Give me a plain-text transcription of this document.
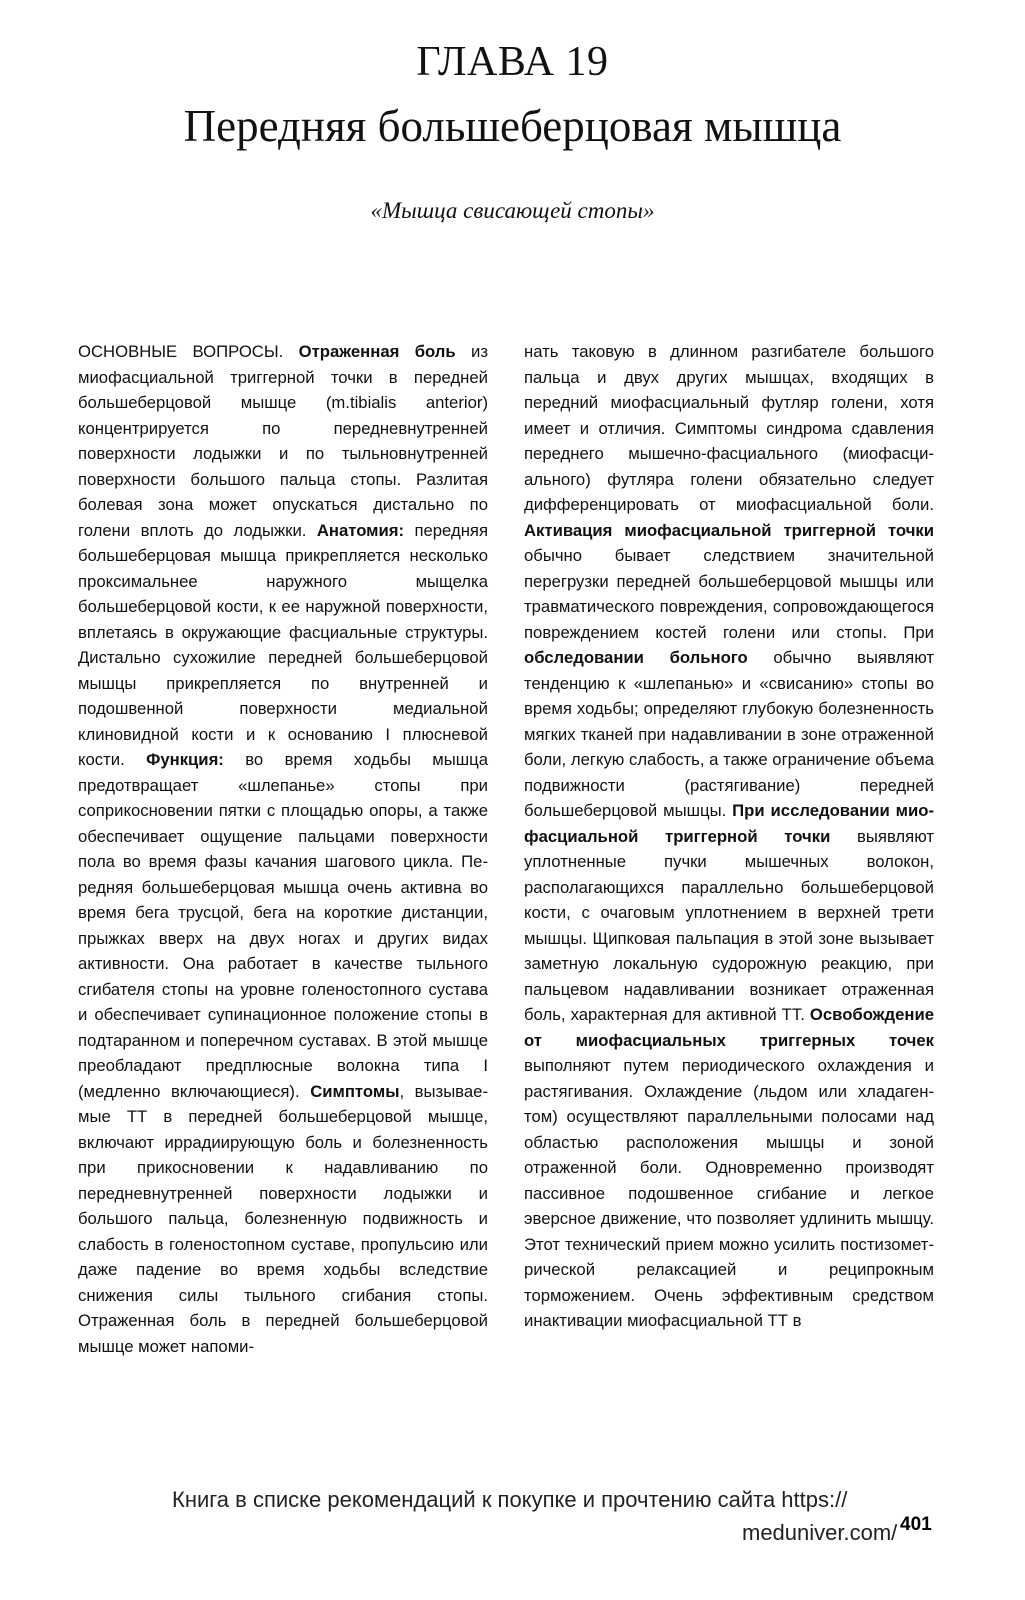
ГЛАВА 19
Передняя большеберцовая мышца
«Мышца свисающей стопы»
ОСНОВНЫЕ ВОПРОСЫ. Отраженная боль из миофасциальной триггерной точки в передней большеберцовой мышце (m.tibialis anterior) концентрируется по передневнутренней поверхности лодыжки и по тыльновнутренней поверхности большого пальца стопы. Разлитая болевая зона может опускаться дистально по голени вплоть до лодыжки. Анатомия: передняя большеберцовая мышца прикрепляется несколько проксимальнее наружного мыщелка большеберцовой кости, к ее наружной поверхности, вплетаясь в окружающие фасциальные структуры. Дистально сухожилие передней большеберцовой мышцы прикрепляется по внутренней и подошвенной поверхности медиальной клиновидной кости и к основанию I плюсневой кости. Функция: во время ходьбы мышца предотвращает «шлепанье» стопы при соприкосновении пятки с площадью опоры, а также обеспечивает ощущение пальцами поверхности пола во время фазы качания шагового цикла. Передняя большеберцовая мышца очень активна во время бега трусцой, бега на короткие дистанции, прыжках вверх на двух ногах и других видах активности. Она работает в качестве тыльного сгибателя стопы на уровне голеностопного сустава и обеспечивает супинационное положение стопы в подтаранном и поперечном суставах. В этой мышце преобладают предплюсные волокна типа I (медленно включающиеся). Симптомы, вызываемые ТТ в передней большеберцовой мышце, включают иррадиирующую боль и болезненность при прикосновении к надавливанию по передневнутренней поверхности лодыжки и большого пальца, болезненную подвижность и слабость в голеностопном суставе, пропульсию или даже падение во время ходьбы вследствие снижения силы тыльного сгибания стопы. Отраженная боль в передней большеберцовой мышце может напоми-
нать таковую в длинном разгибателе большого пальца и двух других мышцах, входящих в передний миофасциальный футляр голени, хотя имеет и отличия. Симптомы синдрома сдавления переднего мышечно-фасциального (миофасциального) футляра голени обязательно следует дифференцировать от миофасциальной боли. Активация миофасциальной триггерной точки обычно бывает следствием значительной перегрузки передней большеберцовой мышцы или травматического повреждения, сопровождающегося повреждением костей голени или стопы. При обследовании больного обычно выявляют тенденцию к «шлепанью» и «свисанию» стопы во время ходьбы; определяют глубокую болезненность мягких тканей при надавливании в зоне отраженной боли, легкую слабость, а также ограничение объема подвижности (растягивание) передней большеберцовой мышцы. При исследовании миофасциальной триггерной точки выявляют уплотненные пучки мышечных волокон, располагающихся параллельно большеберцовой кости, с очаговым уплотнением в верхней трети мышцы. Щипковая пальпация в этой зоне вызывает заметную локальную судорожную реакцию, при пальцевом надавливании возникает отраженная боль, характерная для активной ТТ. Освобождение от миофасциальных триггерных точек выполняют путем периодического охлаждения и растягивания. Охлаждение (льдом или хладагентом) осуществляют параллельными полосами над областью расположения мышцы и зоной отраженной боли. Одновременно производят пассивное подошвенное сгибание и легкое эверсное движение, что позволяет удлинить мышцу. Этот технический прием можно усилить постизометрической релаксацией и реципрокным торможением. Очень эффективным средством инактивации миофасциальной ТТ в
Книга в списке рекомендаций к покупке и прочтению сайта https://
meduniver.com/ 401
